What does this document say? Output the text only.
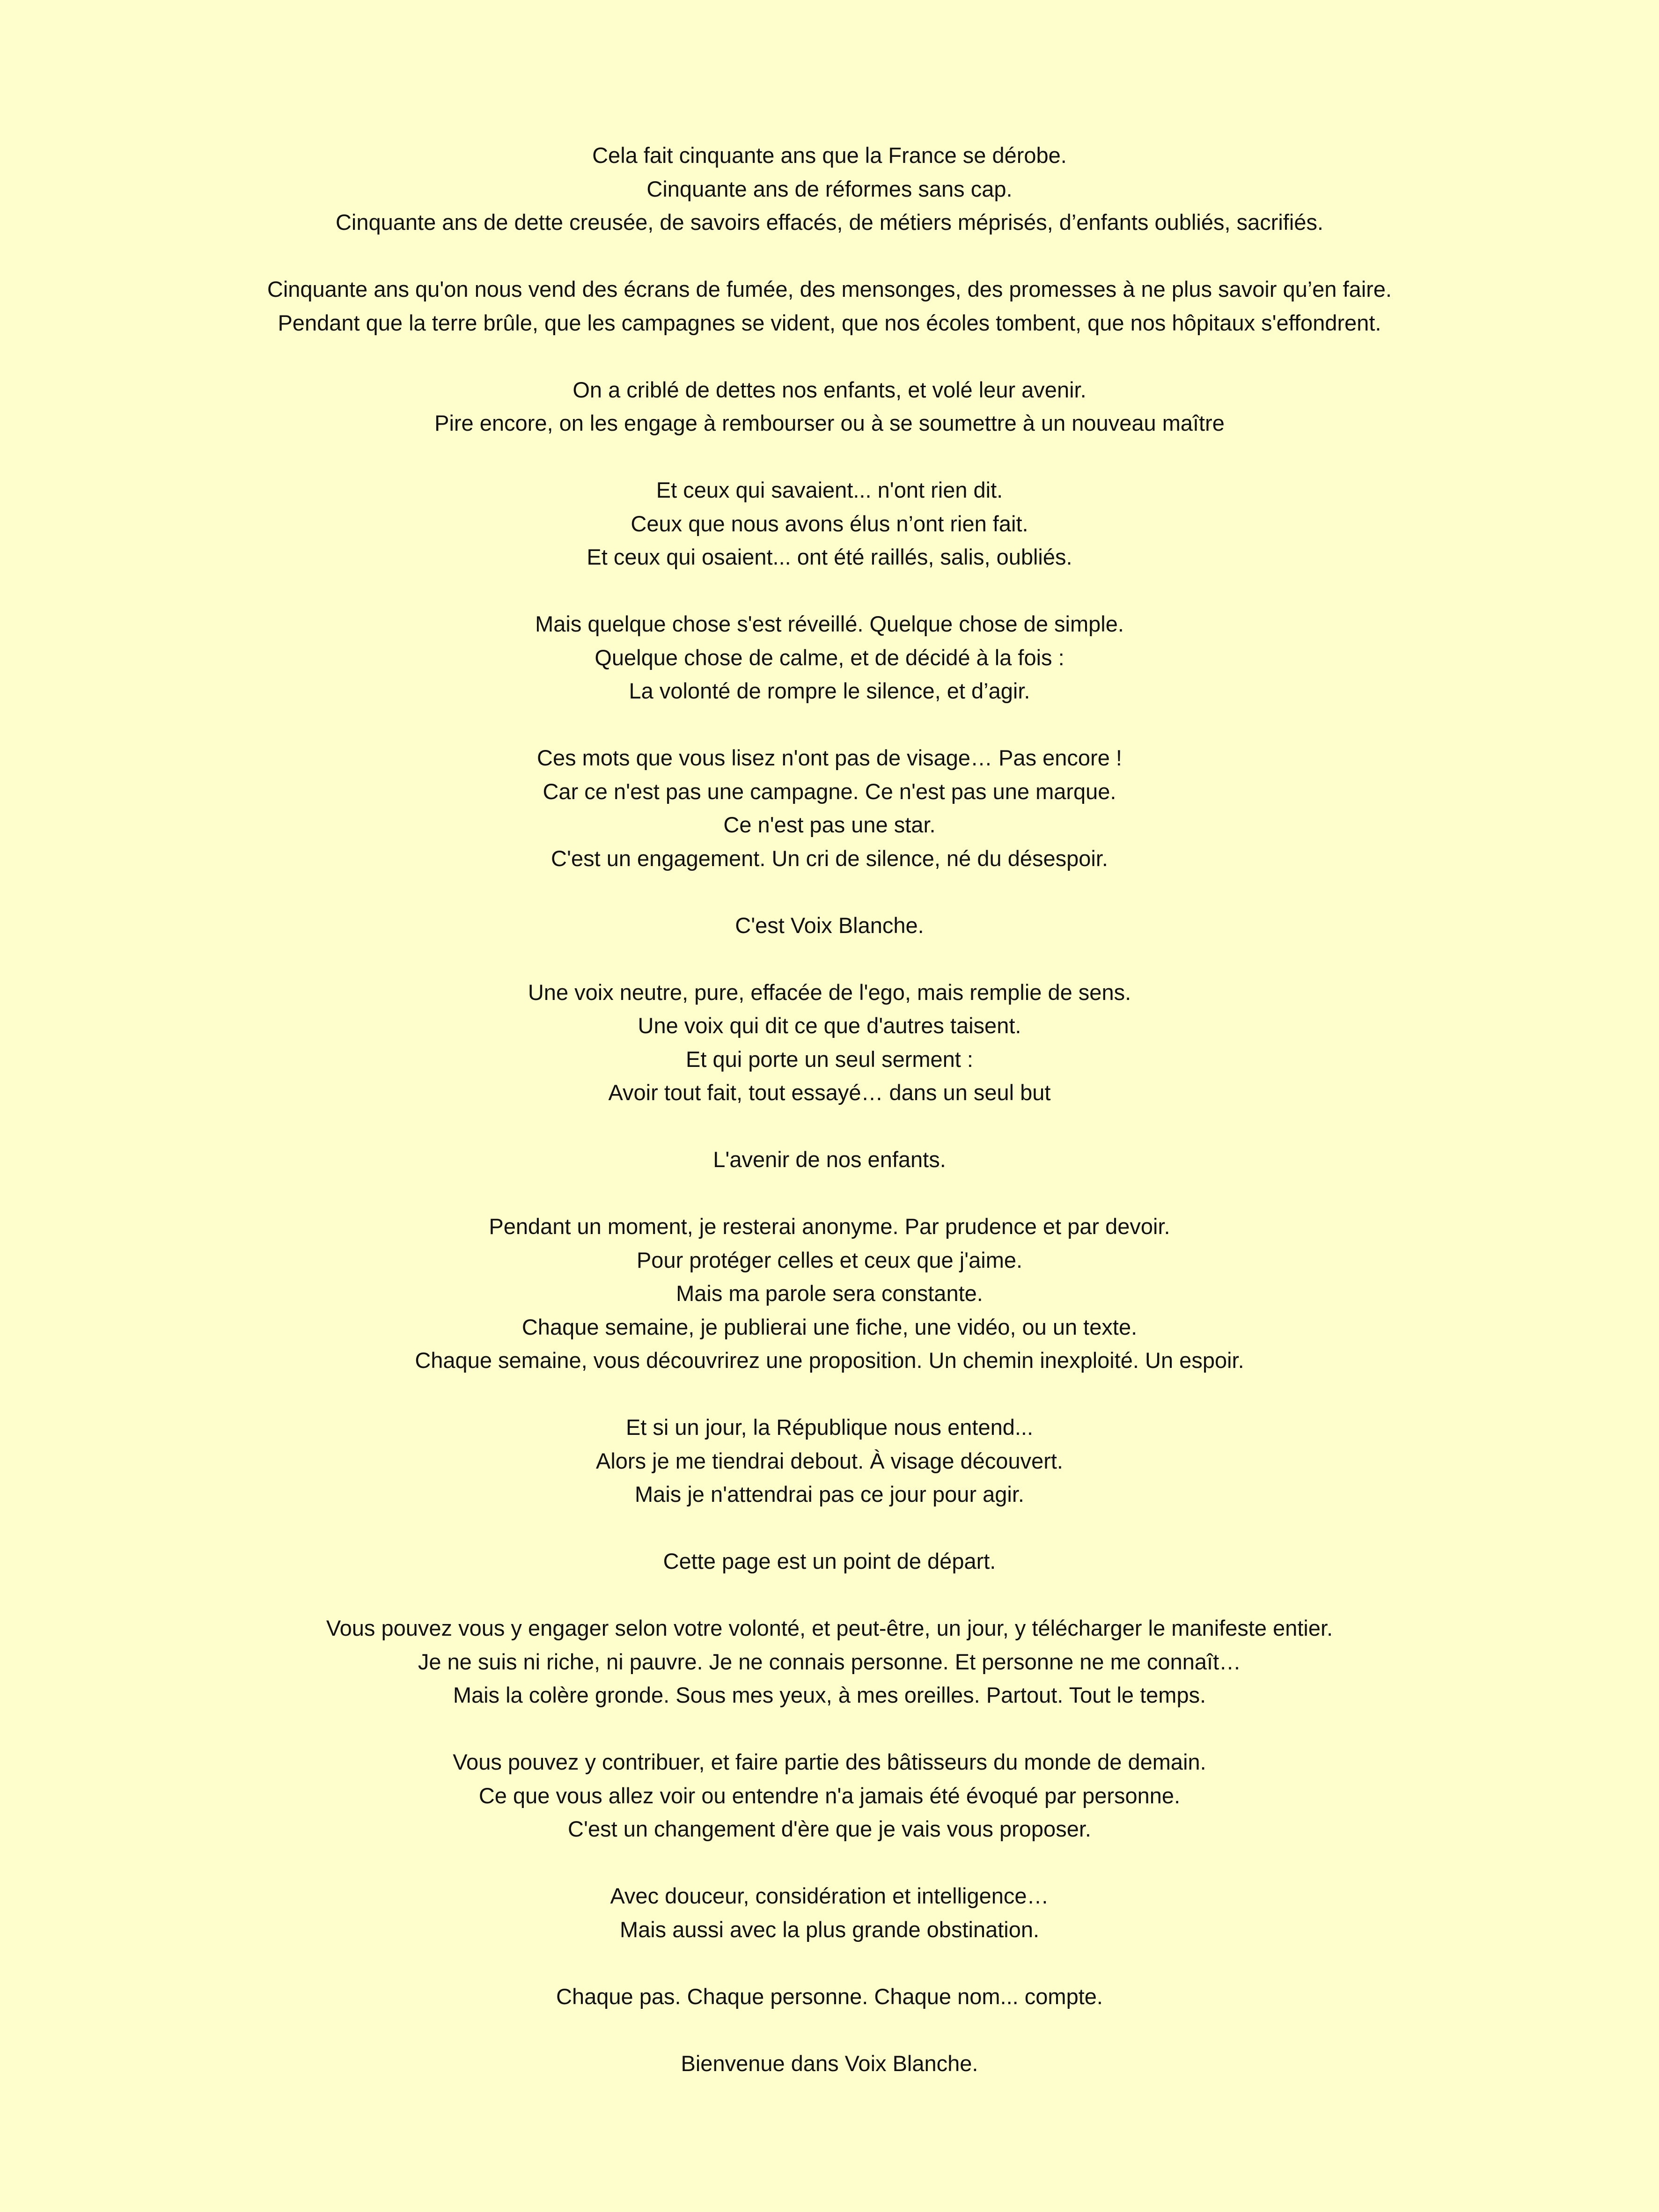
Cela fait cinquante ans que la France se dérobe.
Cinquante ans de réformes sans cap.
Cinquante ans de dette creusée, de savoirs effacés, de métiers méprisés, d’enfants oubliés, sacrifiés.
Cinquante ans qu'on nous vend des écrans de fumée, des mensonges, des promesses à ne plus savoir qu’en faire.
Pendant que la terre brûle, que les campagnes se vident, que nos écoles tombent, que nos hôpitaux s'effondrent.
On a criblé de dettes nos enfants, et volé leur avenir.
Pire encore, on les engage à rembourser ou à se soumettre à un nouveau maître
Et ceux qui savaient... n'ont rien dit.
Ceux que nous avons élus n’ont rien fait.
Et ceux qui osaient... ont été raillés, salis, oubliés.
Mais quelque chose s'est réveillé. Quelque chose de simple.
Quelque chose de calme, et de décidé à la fois :
La volonté de rompre le silence, et d’agir.
Ces mots que vous lisez n'ont pas de visage… Pas encore !
Car ce n'est pas une campagne. Ce n'est pas une marque.
Ce n'est pas une star.
C'est un engagement. Un cri de silence, né du désespoir.
C'est Voix Blanche.
Une voix neutre, pure, effacée de l'ego, mais remplie de sens.
Une voix qui dit ce que d'autres taisent.
Et qui porte un seul serment :
Avoir tout fait, tout essayé… dans un seul but
L'avenir de nos enfants.
Pendant un moment, je resterai anonyme. Par prudence et par devoir.
Pour protéger celles et ceux que j'aime.
Mais ma parole sera constante.
Chaque semaine, je publierai une fiche, une vidéo, ou un texte.
Chaque semaine, vous découvrirez une proposition. Un chemin inexploité. Un espoir.
Et si un jour, la République nous entend...
Alors je me tiendrai debout. À visage découvert.
Mais je n'attendrai pas ce jour pour agir.
Cette page est un point de départ.
Vous pouvez vous y engager selon votre volonté, et peut-être, un jour, y télécharger le manifeste entier.
Je ne suis ni riche, ni pauvre. Je ne connais personne. Et personne ne me connaît…
Mais la colère gronde. Sous mes yeux, à mes oreilles. Partout. Tout le temps.
Vous pouvez y contribuer, et faire partie des bâtisseurs du monde de demain.
Ce que vous allez voir ou entendre n'a jamais été évoqué par personne.
C'est un changement d'ère que je vais vous proposer.
Avec douceur, considération et intelligence…
Mais aussi avec la plus grande obstination.
Chaque pas. Chaque personne. Chaque nom... compte.
Bienvenue dans Voix Blanche.
